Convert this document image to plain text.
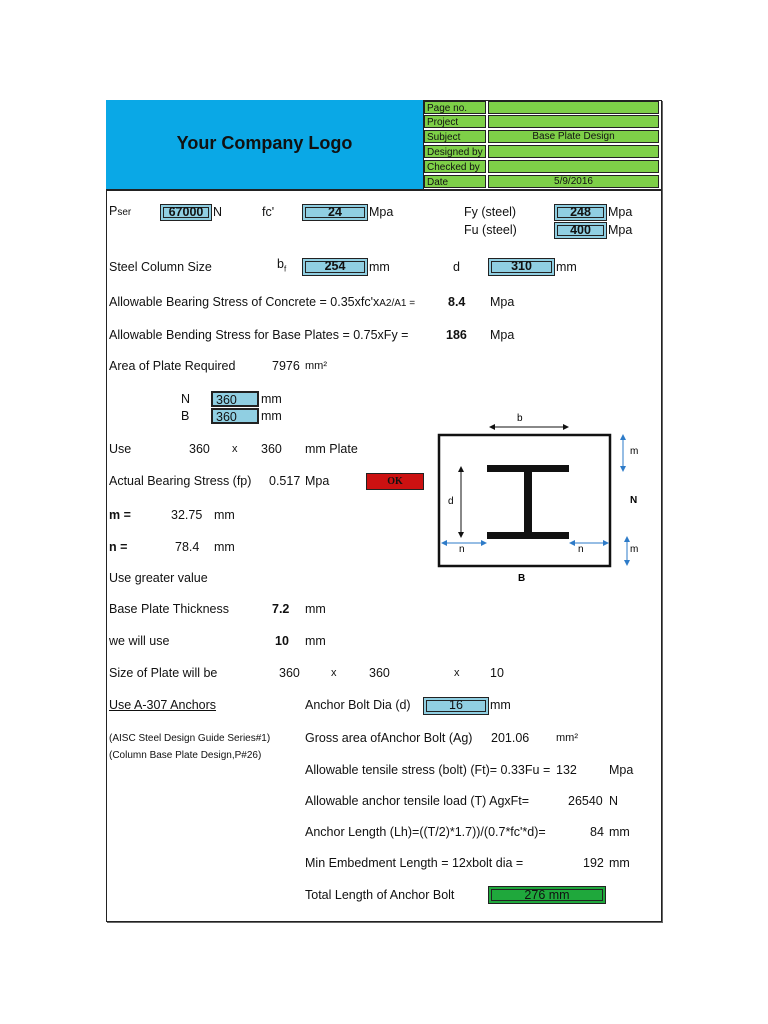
Your Company Logo
Page no.
Project
Subject	Base Plate Design
Designed by
Checked by
Date	5/9/2016
Pser	67000 N	fc'	24	Mpa	Fy (steel)	248	Mpa
Fu (steel)	400	Mpa
Steel Column Size	$b_f$	254	mm	d	310	mm
Allowable Bearing Stress of Concrete = 0.35xfc'xA2/A1 =	8.4 Mpa
Allowable Bending Stress for Base Plates = 0.75xFy =	186 Mpa
Area of Plate Required	7976 mm²
N	360	mm
B	360	mm
Use	360 x 360 mm Plate
Actual Bearing Stress (fp) 0.517 Mpa	OK
m =	32.75 mm
n =	78.4 mm
Use greater value
Base Plate Thickness	7.2 mm
we will use	10 mm
Size of Plate will be	360	x	360	x 10
Use A-307 Anchors	Anchor Bolt Dia (d)	16	mm
(AISC Steel Design Guide Series#1)
(Column Base Plate Design,P#26)
Gross area ofAnchor Bolt (Ag) 201.06 mm²
Allowable tensile stress (bolt) (Ft)= 0.33Fu = 132	Mpa
Allowable anchor tensile load (T) AgxFt=	26540 N
Anchor Length (Lh)=((T/2)*1.7))/(0.7*fc'*d)=	84 mm
Min Embedment Length = 12xbolt dia =	192 mm
Total Length of Anchor Bolt	276 mm
b
d
m
m
N
B
n	n
